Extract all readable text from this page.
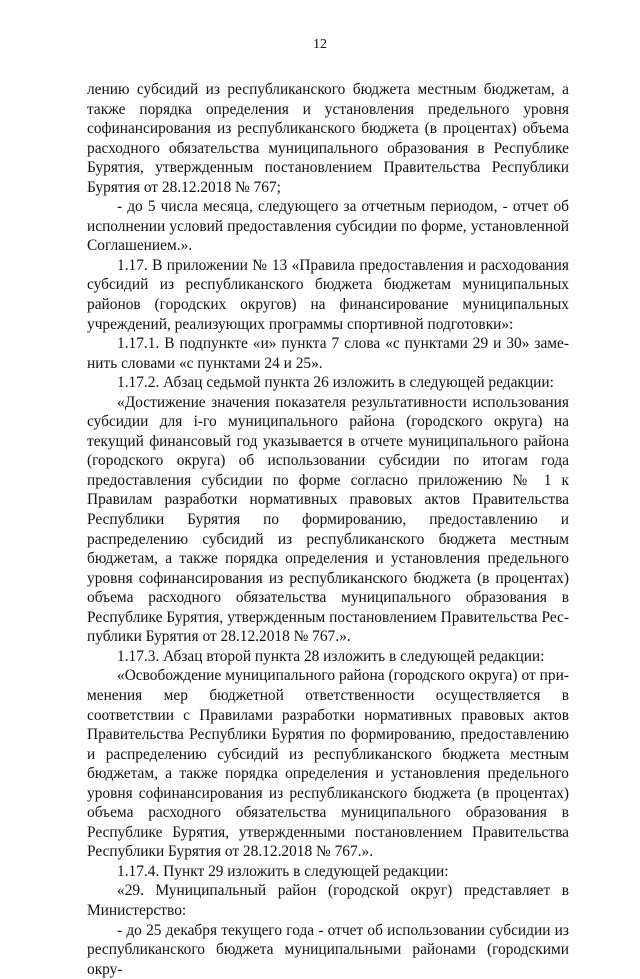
12

лению субсидий из республиканского бюджета местным бюджетам, а также порядка определения и установления предельного уровня софинансирования из республиканского бюджета (в процентах) объема расходного обязательства муниципального образования в Республике Бурятия, утвержденным постановлением Правительства Республики Бурятия от 28.12.2018 № 767;

- до 5 числа месяца, следующего за отчетным периодом, - отчет об исполнении условий предоставления субсидии по форме, установленной Соглашением.».

1.17. В приложении № 13 «Правила предоставления и расходования субсидий из республиканского бюджета бюджетам муниципальных районов (городских округов) на финансирование муниципальных учреждений, реализующих программы спортивной подготовки»:

1.17.1. В подпункте «и» пункта 7 слова «с пунктами 29 и 30» заменить словами «с пунктами 24 и 25».

1.17.2. Абзац седьмой пункта 26 изложить в следующей редакции:

«Достижение значения показателя результативности использования субсидии для i-го муниципального района (городского округа) на текущий финансовый год указывается в отчете муниципального района (городского округа) об использовании субсидии по итогам года предоставления субсидии по форме согласно приложению № 1 к Правилам разработки нормативных правовых актов Правительства Республики Бурятия по формированию, предоставлению и распределению субсидий из республиканского бюджета местным бюджетам, а также порядка определения и установления предельного уровня софинансирования из республиканского бюджета (в процентах) объема расходного обязательства муниципального образования в Республике Бурятия, утвержденным постановлением Правительства Республики Бурятия от 28.12.2018 № 767.».

1.17.3. Абзац второй пункта 28 изложить в следующей редакции:

«Освобождение муниципального района (городского округа) от применения мер бюджетной ответственности осуществляется в соответствии с Правилами разработки нормативных правовых актов Правительства Республики Бурятия по формированию, предоставлению и распределению субсидий из республиканского бюджета местным бюджетам, а также порядка определения и установления предельного уровня софинансирования из республиканского бюджета (в процентах) объема расходного обязательства муниципального образования в Республике Бурятия, утвержденными постановлением Правительства Республики Бурятия от 28.12.2018 № 767.».

1.17.4. Пункт 29 изложить в следующей редакции:

«29. Муниципальный район (городской округ) представляет в Министерство:

- до 25 декабря текущего года - отчет об использовании субсидии из республиканского бюджета муниципальными районами (городскими окру-
